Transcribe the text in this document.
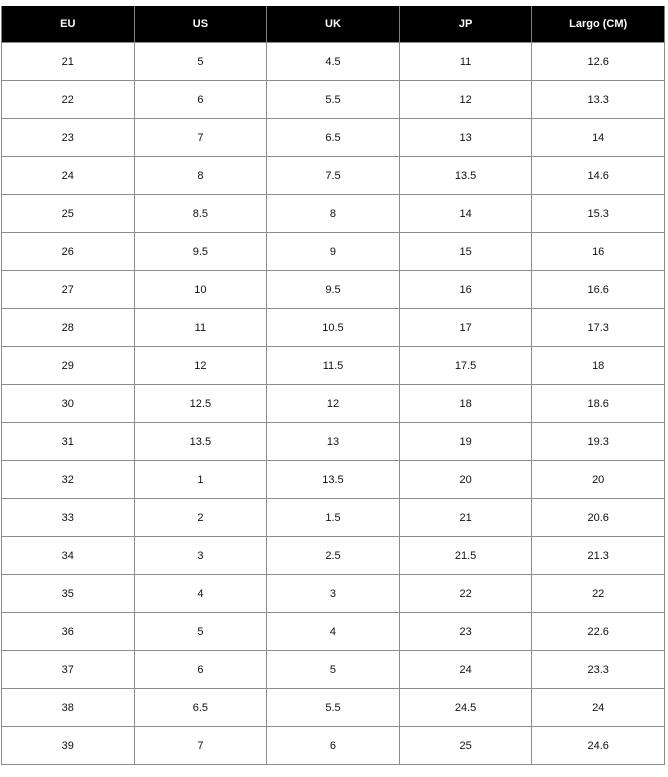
EU	US	UK	JP	Largo (CM)
21	5	4.5	11	12.6
22	6	5.5	12	13.3
23	7	6.5	13	14
24	8	7.5	13.5	14.6
25	8.5	8	14	15.3
26	9.5	9	15	16
27	10	9.5	16	16.6
28	11	10.5	17	17.3
29	12	11.5	17.5	18
30	12.5	12	18	18.6
31	13.5	13	19	19.3
32	1	13.5	20	20
33	2	1.5	21	20.6
34	3	2.5	21.5	21.3
35	4	3	22	22
36	5	4	23	22.6
37	6	5	24	23.3
38	6.5	5.5	24.5	24
39	7	6	25	24.6
